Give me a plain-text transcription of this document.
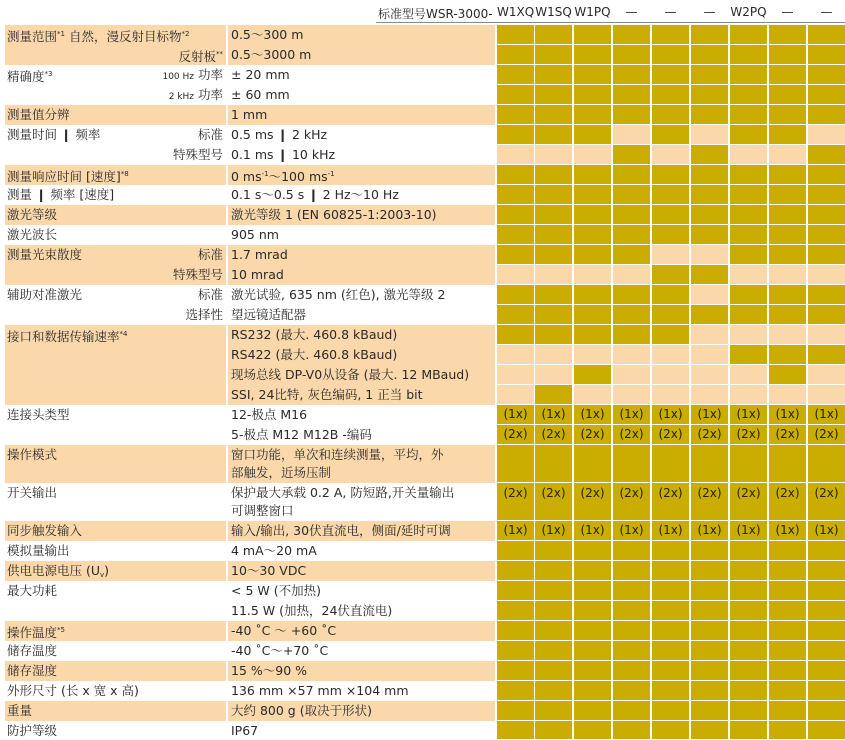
标准型号WSR-3000- W1XQ W1SQ W1PQ	—	—	—	W2PQ	—	—
测量范围$^{*1}$ 自然，漫反射目标物$^{*2}$	0.5～300 m
反射板** 0.5～3000 m
精确度$^{*3}$	100 Hz 功率 ± 20 mm
2 kHz 功率 ± 60 mm
测量值分辨	1 mm
测量时间 ❙ 频率	标准 0.5 ms ❙ 2 kHz
特殊型号 0.1 ms ❙ 10 kHz
测量响应时间 [速度]$^{*8}$	0 $ms^{-1}\sim 100$ $ms^{-1}$
测量 ❙ 频率 [速度]	0.1 s～0.5 s ❙ 2 Hz～10 Hz
激光等级	激光等级 1 (EN 60825-1:2003-10)
激光波长	905 nm
测量光束散度	标准 1.7 mrad
特殊型号 10 mrad
辅助对准激光	标准 激光试验, 635 nm (红色), 激光等级 2
选择性 望远镜适配器
接口和数据传输速率$^{*4}$	RS232 (最大. 460.8 kBaud)
RS422 (最大. 460.8 kBaud)
现场总线 DP-V0从设备 (最大. 12 MBaud)
SSI, 24比特, 灰色编码, 1 正当 bit
连接头类型	12-极点 M16	(1x)	(1x)	(1x)	(1x)	(1x)	(1x)	(1x)	(1x)	(1x)
5-极点 M12 M12B -编码	(2x)	(2x)	(2x)	(2x)	(2x)	(2x)	(2x)	(2x)	(2x)
操作模式	窗口功能，单次和连续测量，平均，外
部触发，近场压制
开关输出	保护最大承载 0.2 A, 防短路,开关量输出
可调整窗口
(2x)	(2x)	(2x)	(2x)	(2x)	(2x)	(2x)	(2x)	(2x)
同步触发输入	输入/输出, 30伏直流电，侧面/延时可调	(1x)	(1x)	(1x)	(1x)	(1x)	(1x)	(1x)	(1x)	(1x)
模拟量输出	4 mA～20 mA
供电电源电压 $(U_v)$	10～30 VDC
最大功耗	< 5 W (不加热)
11.5 W (加热，24伏直流电)
操作温度$^{*5}$	-40 ˚C ～ +60 ˚C
储存温度	-40 ˚C～+70 ˚C
储存湿度	15 %～90 %
外形尺寸 (长 x 宽 x 高)	136 mm ×57 mm ×104 mm
重量	大约 800 g (取决于形状)
防护等级	IP67
